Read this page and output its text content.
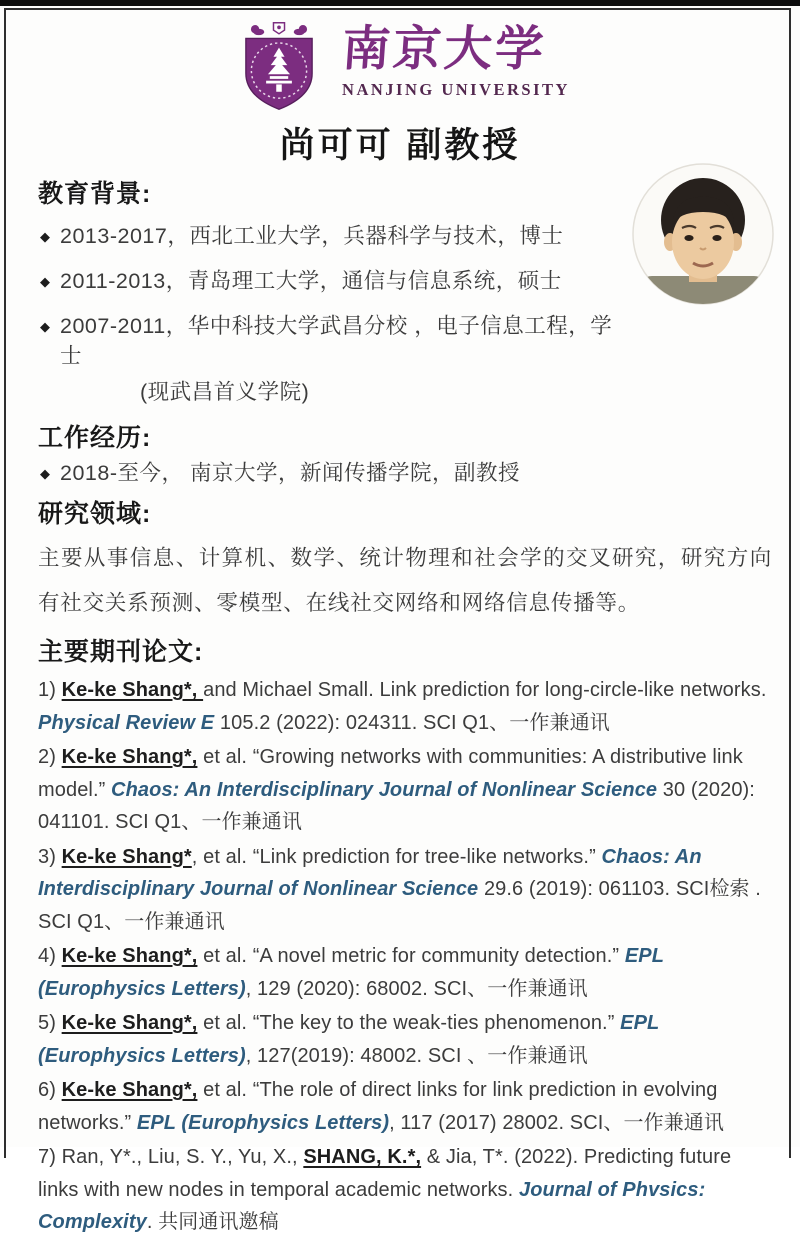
南京大学
NANJING UNIVERSITY
尚可可 副教授
教育背景:
◆ 2013-2017，西北工业大学，兵器科学与技术，博士
◆ 2011-2013，青岛理工大学，通信与信息系统，硕士
◆ 2007-2011，华中科技大学武昌分校 ，电子信息工程，学士
(现武昌首义学院)
工作经历:
◆ 2018-至今， 南京大学，新闻传播学院，副教授
研究领域:

主要从事信息、计算机、数学、统计物理和社会学的交叉研究，研究方向有社交关系预测、零模型、在线社交网络和网络信息传播等。

主要期刊论文:

1) Ke-ke Shang*, and Michael Small. Link prediction for long-circle-like networks. Physical Review E 105.2 (2022): 024311. SCI Q1、一作兼通讯

2) Ke-ke Shang*, et al. “Growing networks with communities: A distributive link model.” Chaos: An Interdisciplinary Journal of Nonlinear Science 30 (2020): 041101. SCI Q1、一作兼通讯

3) Ke-ke Shang*, et al. “Link prediction for tree-like networks.” Chaos: An Interdisciplinary Journal of Nonlinear Science 29.6 (2019): 061103. SCI检索 . SCI Q1、一作兼通讯

4) Ke-ke Shang*, et al. “A novel metric for community detection.” EPL (Europhysics Letters), 129 (2020): 68002. SCI、一作兼通讯

5) Ke-ke Shang*, et al. “The key to the weak-ties phenomenon.” EPL (Europhysics Letters), 127(2019): 48002. SCI 、一作兼通讯

6) Ke-ke Shang*, et al. “The role of direct links for link prediction in evolving networks.” EPL (Europhysics Letters), 117 (2017) 28002. SCI、一作兼通讯

7) Ran, Y*., Liu, S. Y., Yu, X., SHANG, K.*, & Jia, T*. (2022). Predicting future links with new nodes in temporal academic networks. Journal of Phvsics: Complexity. 共同通讯邀稿
